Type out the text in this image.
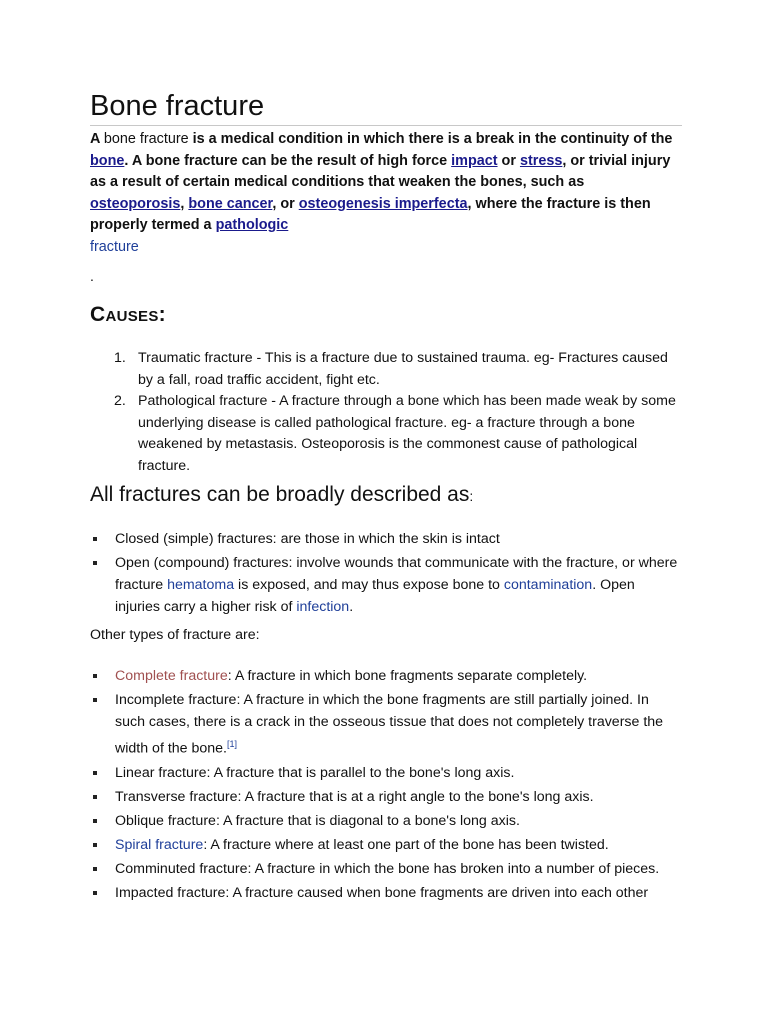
Bone fracture
A bone fracture is a medical condition in which there is a break in the continuity of the bone. A bone fracture can be the result of high force impact or stress, or trivial injury as a result of certain medical conditions that weaken the bones, such as osteoporosis, bone cancer, or osteogenesis imperfecta, where the fracture is then properly termed a pathologic
fracture
.
Causes:
1. Traumatic fracture - This is a fracture due to sustained trauma. eg- Fractures caused by a fall, road traffic accident, fight etc.
2. Pathological fracture - A fracture through a bone which has been made weak by some underlying disease is called pathological fracture. eg- a fracture through a bone weakened by metastasis. Osteoporosis is the commonest cause of pathological fracture.
All fractures can be broadly described as:
Closed (simple) fractures: are those in which the skin is intact
Open (compound) fractures: involve wounds that communicate with the fracture, or where fracture hematoma is exposed, and may thus expose bone to contamination. Open injuries carry a higher risk of infection.
Other types of fracture are:
Complete fracture: A fracture in which bone fragments separate completely.
Incomplete fracture: A fracture in which the bone fragments are still partially joined. In such cases, there is a crack in the osseous tissue that does not completely traverse the width of the bone.[1]
Linear fracture: A fracture that is parallel to the bone's long axis.
Transverse fracture: A fracture that is at a right angle to the bone's long axis.
Oblique fracture: A fracture that is diagonal to a bone's long axis.
Spiral fracture: A fracture where at least one part of the bone has been twisted.
Comminuted fracture: A fracture in which the bone has broken into a number of pieces.
Impacted fracture: A fracture caused when bone fragments are driven into each other
